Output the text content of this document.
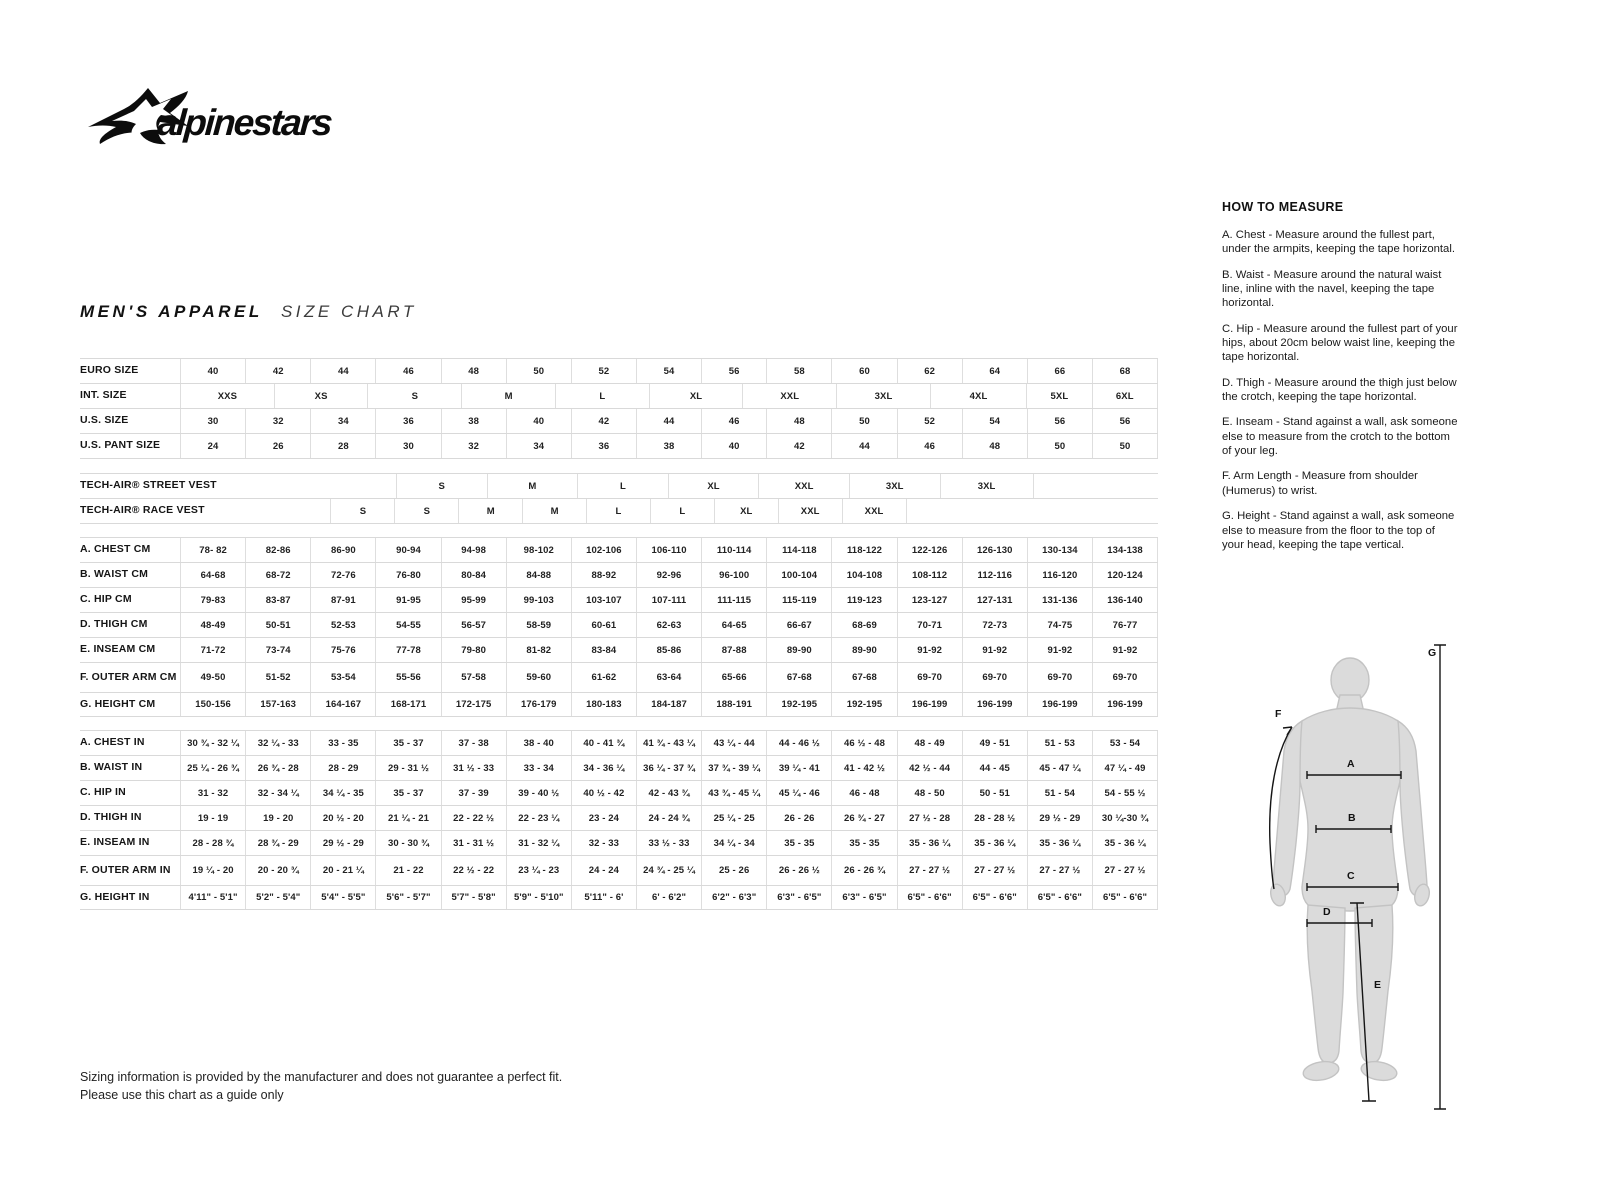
alpinestars
MEN'S APPAREL SIZE CHART
EURO SIZE	40	42	44	46	48	50	52	54	56	58	60	62	64	66	68
INT. SIZE	XXS	XS	S	M	L	XL	XXL	3XL	4XL	5XL	6XL
U.S. SIZE	30	32	34	36	38	40	42	44	46	48	50	52	54	56	56
U.S. PANT SIZE	24	26	28	30	32	34	36	38	40	42	44	46	48	50	50
TECH-AIR® STREET VEST	S	M	L	XL	XXL	3XL	3XL
TECH-AIR® RACE VEST	S	S	M	M	L	L	XL	XXL	XXL
A. CHEST CM	78- 82	82-86	86-90	90-94	94-98	98-102	102-106	106-110	110-114	114-118	118-122	122-126	126-130	130-134	134-138
B. WAIST CM	64-68	68-72	72-76	76-80	80-84	84-88	88-92	92-96	96-100	100-104	104-108	108-112	112-116	116-120	120-124
C. HIP CM	79-83	83-87	87-91	91-95	95-99	99-103	103-107	107-111	111-115	115-119	119-123	123-127	127-131	131-136	136-140
D. THIGH CM	48-49	50-51	52-53	54-55	56-57	58-59	60-61	62-63	64-65	66-67	68-69	70-71	72-73	74-75	76-77
E. INSEAM CM	71-72	73-74	75-76	77-78	79-80	81-82	83-84	85-86	87-88	89-90	89-90	91-92	91-92	91-92	91-92
F. OUTER ARM CM	49-50	51-52	53-54	55-56	57-58	59-60	61-62	63-64	65-66	67-68	67-68	69-70	69-70	69-70	69-70
G. HEIGHT CM	150-156	157-163	164-167	168-171	172-175	176-179	180-183	184-187	188-191	192-195	192-195	196-199	196-199	196-199	196-199
A. CHEST IN	30 ¾ - 32 ¼	32 ¼ - 33	33 - 35	35 - 37	37 - 38	38 - 40	40 - 41 ¾	41 ¾ - 43 ¼	43 ¼ - 44	44 - 46 ½	46 ½ - 48	48 - 49	49 - 51	51 - 53	53 - 54
B. WAIST IN	25 ¼ - 26 ¾	26 ¾ - 28	28 - 29	29 - 31 ½	31 ½ - 33	33 - 34	34 - 36 ¼	36 ¼ - 37 ¾	37 ¾ - 39 ¼	39 ¼ - 41	41 - 42 ½	42 ½ - 44	44 - 45	45 - 47 ¼	47 ¼ - 49
C. HIP IN	31 - 32	32 - 34 ¼	34 ¼ - 35	35 - 37	37 - 39	39 - 40 ½	40 ½ - 42	42 - 43 ¾	43 ¾ - 45 ¼	45 ¼ - 46	46 - 48	48 - 50	50 - 51	51 - 54	54 - 55 ½
D. THIGH IN	19 - 19	19 - 20	20 ½ - 20	21 ¼ - 21	22 - 22 ½	22 - 23 ¼	23 - 24	24 - 24 ¾	25 ¼ - 25	26 - 26	26 ¾ - 27	27 ½ - 28	28 - 28 ½	29 ½ - 29	30 ¼-30 ¾
E. INSEAM IN	28 - 28 ¾	28 ¾ - 29	29 ½ - 29	30 - 30 ¾	31 - 31 ½	31 - 32 ¼	32 - 33	33 ½ - 33	34 ¼ - 34	35 - 35	35 - 35	35 - 36 ¼	35 - 36 ¼	35 - 36 ¼	35 - 36 ¼
F. OUTER ARM IN	19 ¼ - 20	20 - 20 ¾	20 - 21 ¼	21 - 22	22 ½ - 22	23 ¼ - 23	24 - 24	24 ¾ - 25 ¼	25 - 26	26 - 26 ½	26 - 26 ¾	27 - 27 ½	27 - 27 ½	27 - 27 ½	27 - 27 ½
G. HEIGHT IN	4'11" - 5'1"	5'2" - 5'4"	5'4" - 5'5"	5'6" - 5'7"	5'7" - 5'8"	5'9" - 5'10"	5'11" - 6'	6' - 6'2"	6'2" - 6'3"	6'3" - 6'5"	6'3" - 6'5"	6'5" - 6'6"	6'5" - 6'6"	6'5" - 6'6"	6'5" - 6'6"
HOW TO MEASURE

A. Chest - Measure around the fullest part, under the armpits, keeping the tape horizontal.

B. Waist - Measure around the natural waist line, inline with the navel, keeping the tape horizontal.

C. Hip - Measure around the fullest part of your hips, about 20cm below waist line, keeping the tape horizontal.

D. Thigh - Measure around the thigh just below the crotch, keeping the tape horizontal.

E. Inseam - Stand against a wall, ask someone else to measure from the crotch to the bottom of your leg.

F. Arm Length - Measure from shoulder (Humerus) to wrist.

G. Height - Stand against a wall, ask someone else to measure from the floor to the top of your head, keeping the tape vertical.

A
B
C
D
E
F
G
Sizing information is provided by the manufacturer and does not guarantee a perfect fit.
Please use this chart as a guide only
